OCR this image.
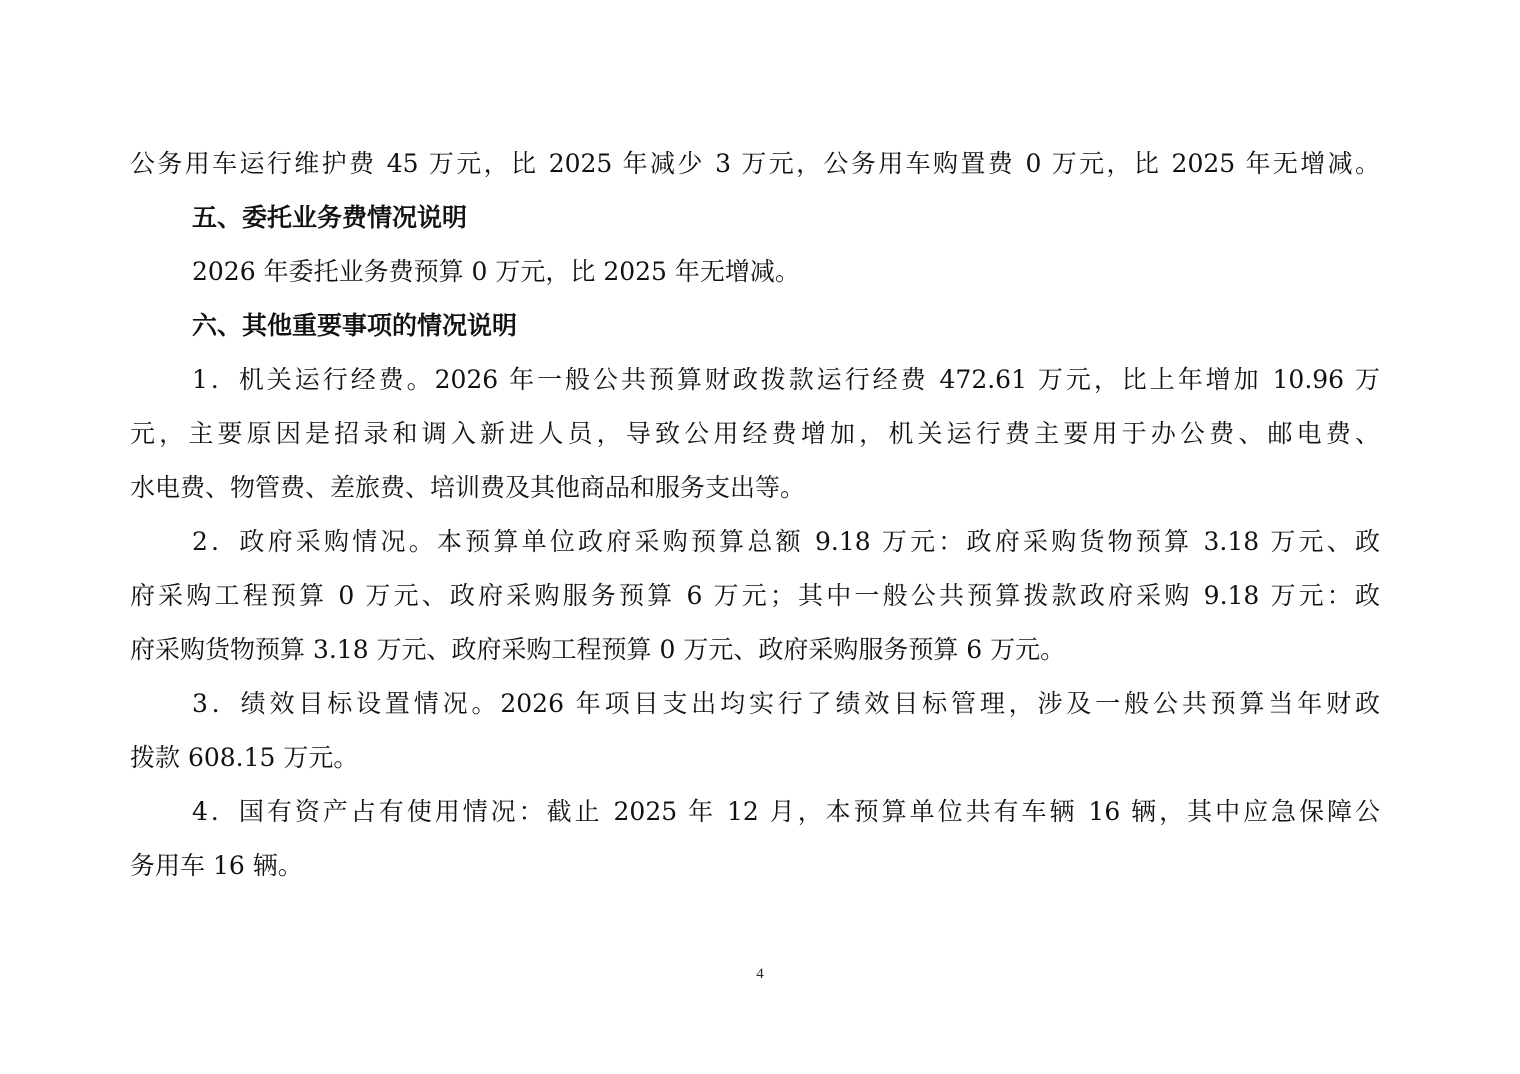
公务用车运行维护费 45 万元，比 2025 年减少 3 万元，公务用车购置费 0 万元，比 2025 年无增减。
五、委托业务费情况说明
2026 年委托业务费预算 0 万元，比 2025 年无增减。
六、其他重要事项的情况说明
1．机关运行经费。2026 年一般公共预算财政拨款运行经费 472.61 万元，比上年增加 10.96 万
元，主要原因是招录和调入新进人员，导致公用经费增加，机关运行费主要用于办公费、邮电费、
水电费、物管费、差旅费、培训费及其他商品和服务支出等。
2．政府采购情况。本预算单位政府采购预算总额 9.18 万元：政府采购货物预算 3.18 万元、政
府采购工程预算 0 万元、政府采购服务预算 6 万元；其中一般公共预算拨款政府采购 9.18 万元：政
府采购货物预算 3.18 万元、政府采购工程预算 0 万元、政府采购服务预算 6 万元。
3．绩效目标设置情况。2026 年项目支出均实行了绩效目标管理，涉及一般公共预算当年财政
拨款 608.15 万元。
4．国有资产占有使用情况：截止 2025 年 12 月，本预算单位共有车辆 16 辆，其中应急保障公
务用车 16 辆。
4
